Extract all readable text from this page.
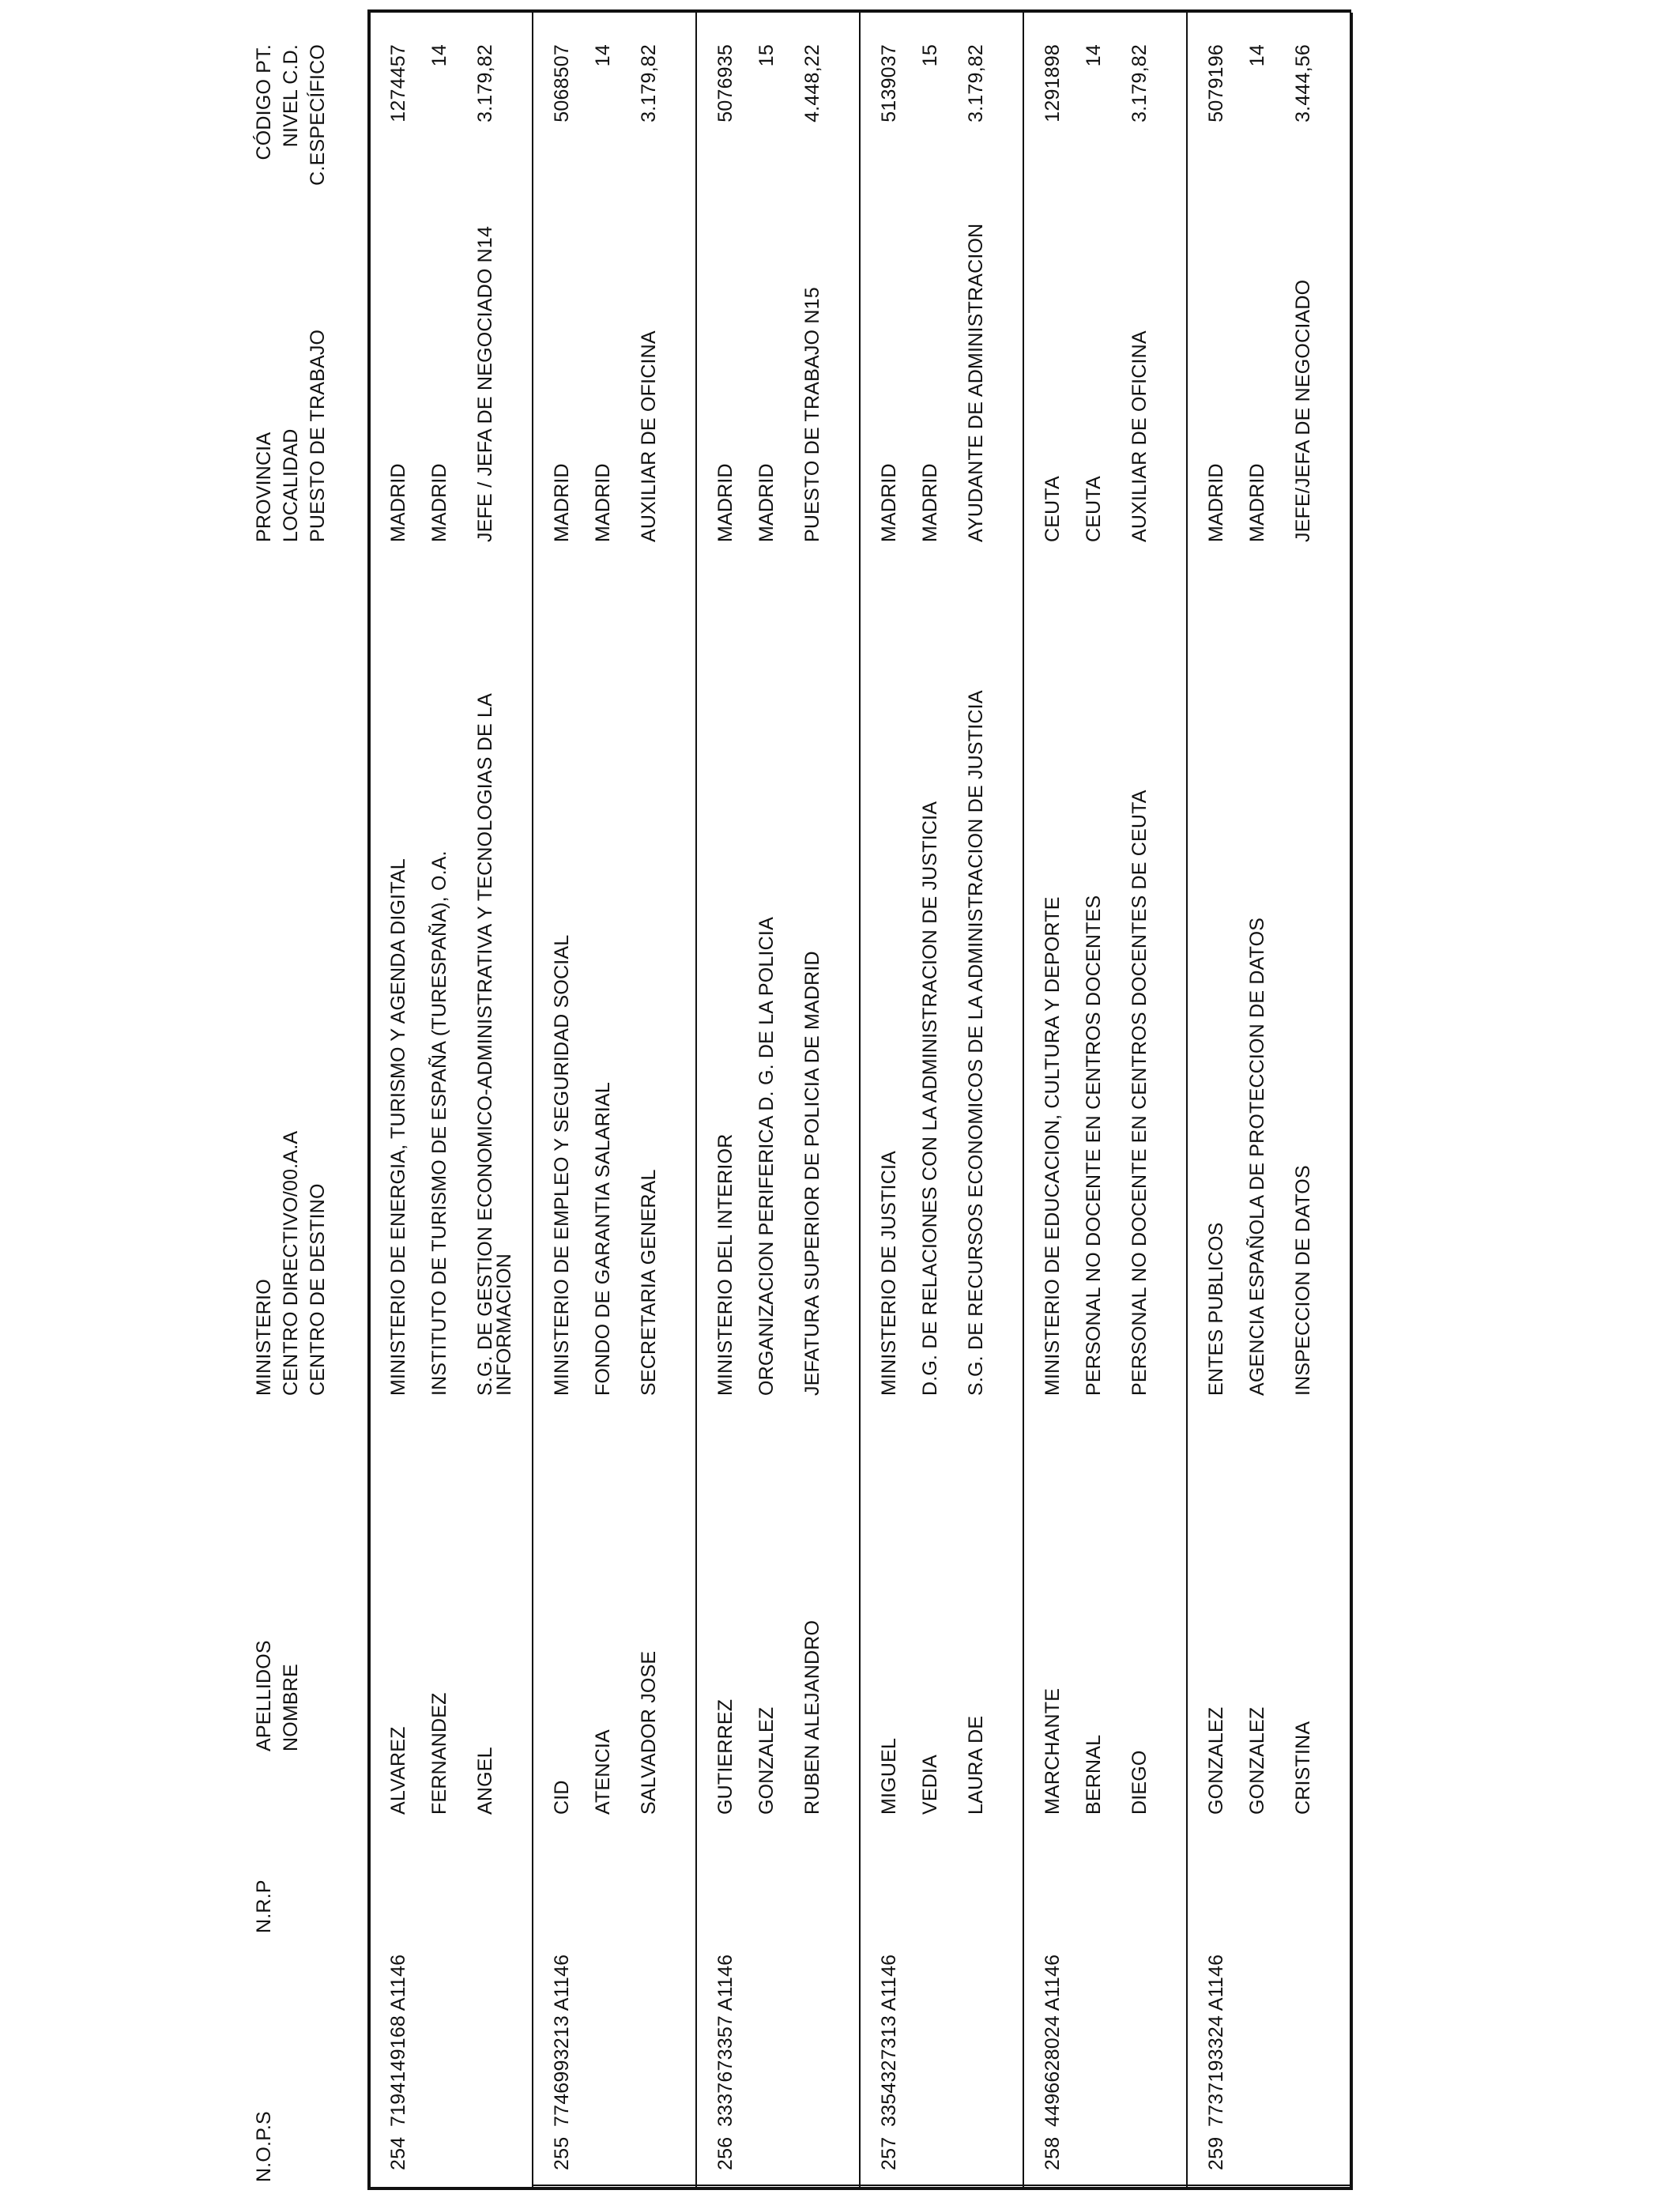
N.O.P.S
N.R.P
APELLIDOS NOMBRE
MINISTERIO CENTRO DIRECTIVO/00.A.A CENTRO DE DESTINO
PROVINCIA LOCALIDAD PUESTO DE TRABAJO
CÓDIGO PT. NIVEL C.D. C.ESPECÍFICO
254
7194149168 A1146
ALVAREZ FERNANDEZ ANGEL
MINISTERIO DE ENERGIA, TURISMO Y AGENDA DIGITAL INSTITUTO DE TURISMO DE ESPAÑA (TURESPAÑA), O.A. S.G. DE GESTION ECONOMICO-ADMINISTRATIVA Y TECNOLOGIAS DE LA
INFORMACION
MADRID MADRID JEFE / JEFA DE NEGOCIADO N14
1274457 14 3.179,82
255
7746993213 A1146
CID ATENCIA SALVADOR JOSE
MINISTERIO DE EMPLEO Y SEGURIDAD SOCIAL FONDO DE GARANTIA SALARIAL SECRETARIA GENERAL
MADRID MADRID AUXILIAR DE OFICINA
5068507 14 3.179,82
256
3337673357 A1146
GUTIERREZ GONZALEZ RUBEN ALEJANDRO
MINISTERIO DEL INTERIOR ORGANIZACION PERIFERICA D. G. DE LA POLICIA JEFATURA SUPERIOR DE POLICIA DE MADRID
MADRID MADRID PUESTO DE TRABAJO N15
5076935 15 4.448,22
257
3354327313 A1146
MIGUEL VEDIA LAURA DE
MINISTERIO DE JUSTICIA D.G. DE RELACIONES CON LA ADMINISTRACION DE JUSTICIA S.G. DE RECURSOS ECONOMICOS DE LA ADMINISTRACION DE JUSTICIA
MADRID MADRID AYUDANTE DE ADMINISTRACION
5139037 15 3.179,82
258
4496628024 A1146
MARCHANTE BERNAL DIEGO
MINISTERIO DE EDUCACION, CULTURA Y DEPORTE PERSONAL NO DOCENTE EN CENTROS DOCENTES PERSONAL NO DOCENTE EN CENTROS DOCENTES DE CEUTA
CEUTA CEUTA AUXILIAR DE OFICINA
1291898 14 3.179,82
259
7737193324 A1146
GONZALEZ GONZALEZ CRISTINA
ENTES PUBLICOS AGENCIA ESPAÑOLA DE PROTECCION DE DATOS INSPECCION DE DATOS
MADRID MADRID JEFE/JEFA DE NEGOCIADO
5079196 14 3.444,56
